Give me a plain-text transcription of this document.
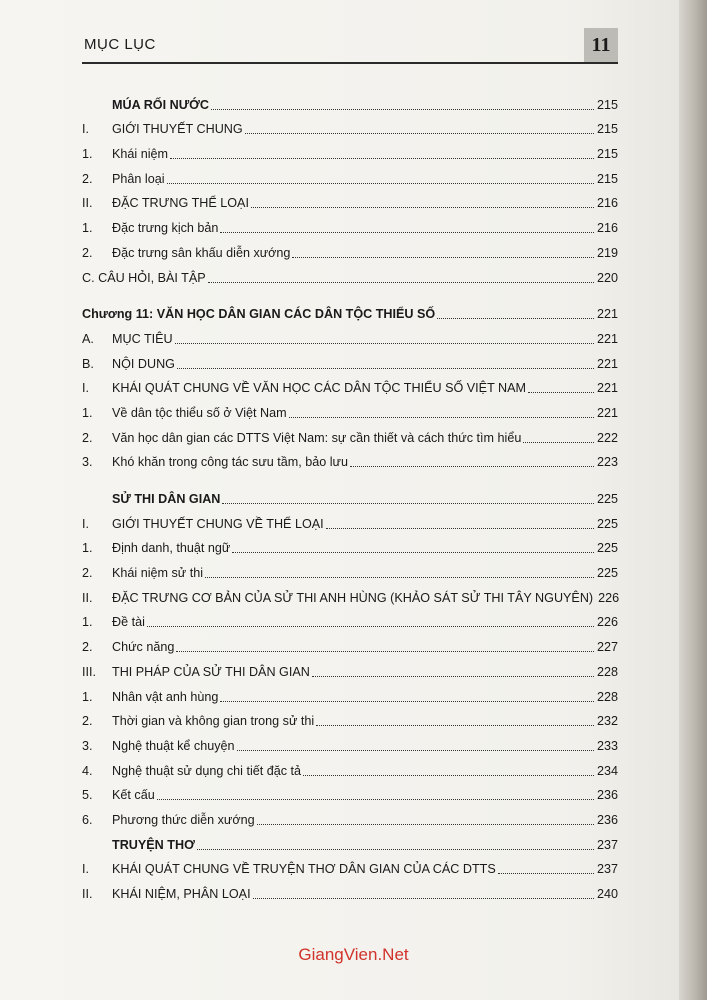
MỤC LỤC	11
MÚA RỐI NƯỚC	215
I.	GIỚI THUYẾT CHUNG	215
1.	Khái niệm	215
2.	Phân loại	215
II.	ĐẶC TRƯNG THỂ LOẠI	216
1.	Đặc trưng kịch bản	216
2.	Đặc trưng sân khấu diễn xướng	219
C. CÂU HỎI, BÀI TẬP	220
Chương 11: VĂN HỌC DÂN GIAN CÁC DÂN TỘC THIỂU SỐ	221
A.	MỤC TIÊU	221
B.	NỘI DUNG	221
I.	KHÁI QUÁT CHUNG VỀ VĂN HỌC CÁC DÂN TỘC THIỂU SỐ VIỆT NAM	221
1.	Về dân tộc thiểu số ở Việt Nam	221
2.	Văn học dân gian các DTTS Việt Nam: sự cần thiết và cách thức tìm hiểu	222
3.	Khó khăn trong công tác sưu tầm, bảo lưu	223
SỬ THI DÂN GIAN	225
I.	GIỚI THUYẾT CHUNG VỀ THỂ LOẠI	225
1.	Định danh, thuật ngữ	225
2.	Khái niệm sử thi	225
II.	ĐẶC TRƯNG CƠ BẢN CỦA SỬ THI ANH HÙNG (KHẢO SÁT SỬ THI TÂY NGUYÊN) 226
1.	Đề tài	226
2.	Chức năng	227
III.	THI PHÁP CỦA SỬ THI DÂN GIAN	228
1.	Nhân vật anh hùng	228
2.	Thời gian và không gian trong sử thi	232
3.	Nghệ thuật kể chuyện	233
4.	Nghệ thuật sử dụng chi tiết đặc tả	234
5.	Kết cấu	236
6.	Phương thức diễn xướng	236
TRUYỆN THƠ	237
I.	KHÁI QUÁT CHUNG VỀ TRUYỆN THƠ DÂN GIAN CỦA CÁC DTTS	237
II.	KHÁI NIỆM, PHÂN LOẠI	240
GiangVien.Net
